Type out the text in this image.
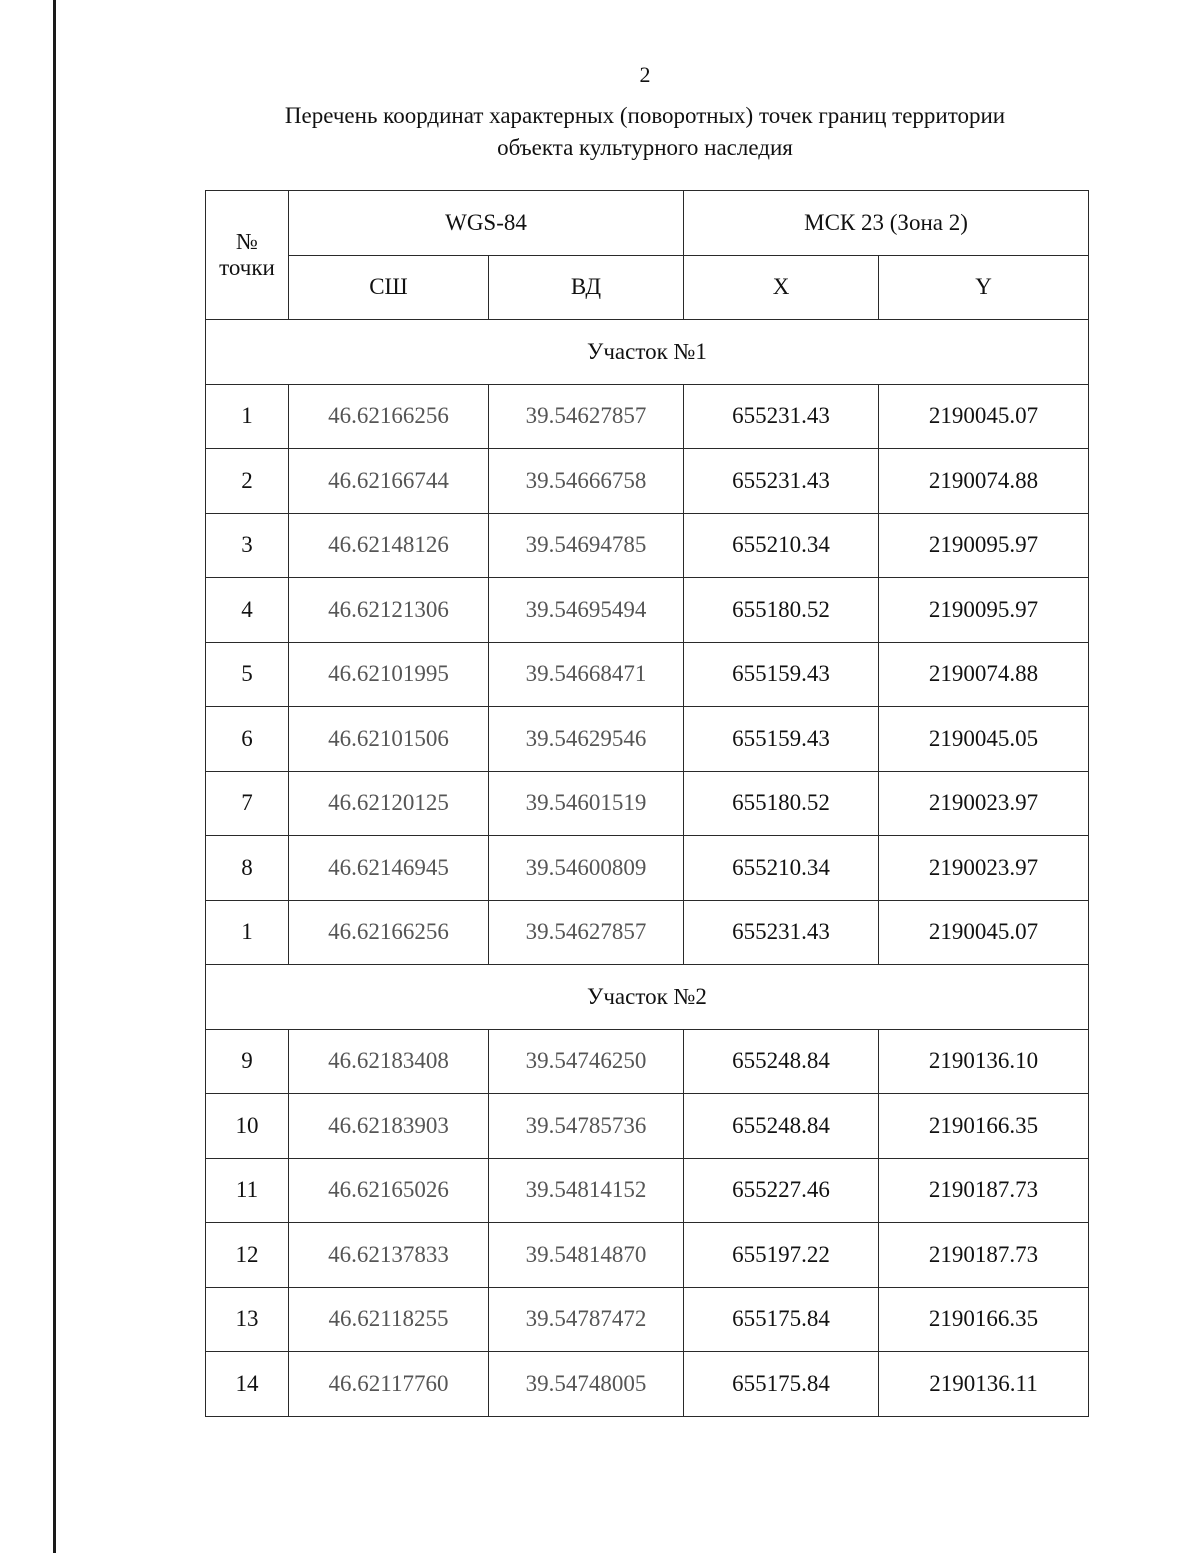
2
Перечень координат характерных (поворотных) точек границ территории
объекта культурного наследия
№
точки	WGS-84		МСК 23 (Зона 2)	
	СШ	ВД	X	Y
Участок №1				
1	46.62166256	39.54627857	655231.43	2190045.07
2	46.62166744	39.54666758	655231.43	2190074.88
3	46.62148126	39.54694785	655210.34	2190095.97
4	46.62121306	39.54695494	655180.52	2190095.97
5	46.62101995	39.54668471	655159.43	2190074.88
6	46.62101506	39.54629546	655159.43	2190045.05
7	46.62120125	39.54601519	655180.52	2190023.97
8	46.62146945	39.54600809	655210.34	2190023.97
1	46.62166256	39.54627857	655231.43	2190045.07
Участок №2				
9	46.62183408	39.54746250	655248.84	2190136.10
10	46.62183903	39.54785736	655248.84	2190166.35
11	46.62165026	39.54814152	655227.46	2190187.73
12	46.62137833	39.54814870	655197.22	2190187.73
13	46.62118255	39.54787472	655175.84	2190166.35
14	46.62117760	39.54748005	655175.84	2190136.11
